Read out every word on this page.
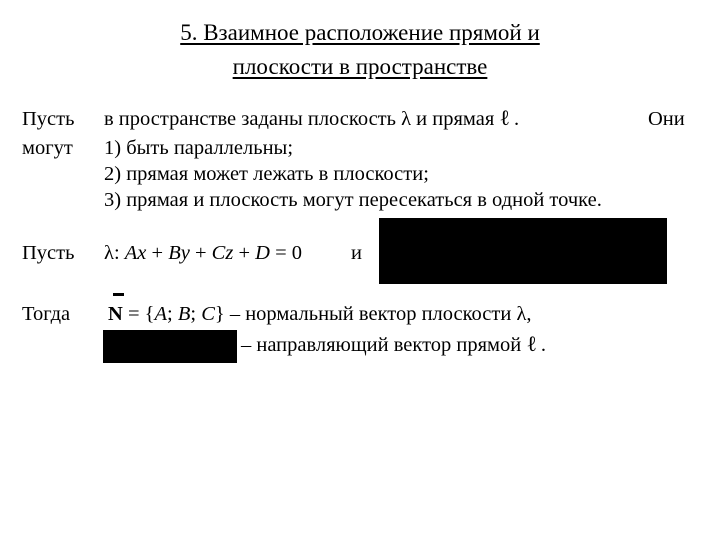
5. Взаимное расположение прямой и
плоскости в пространстве
Пусть в пространстве заданы плоскость λ и прямая ℓ .	Они
могут 1) быть параллельны;
2) прямая может лежать в плоскости;
3) прямая и плоскость могут пересекаться в одной точке.
Пусть λ: Ax + By + Cz + D = 0 и
Тогда N = {A; B; C} – нормальный вектор плоскости λ,
– направляющий вектор прямой ℓ .
